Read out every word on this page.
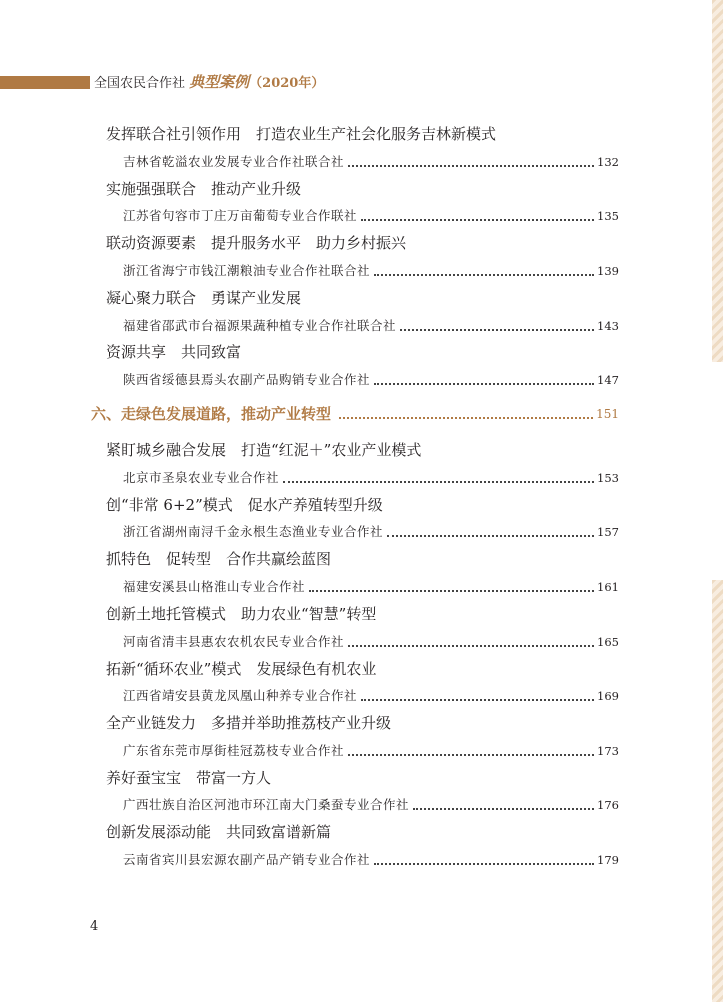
全国农民合作社 典型案例（2020年）
发挥联合社引领作用　打造农业生产社会化服务吉林新模式
吉林省乾溢农业发展专业合作社联合社	132
实施强强联合　推动产业升级
江苏省句容市丁庄万亩葡萄专业合作联社	135
联动资源要素　提升服务水平　助力乡村振兴
浙江省海宁市钱江潮粮油专业合作社联合社	139
凝心聚力联合　勇谋产业发展
福建省邵武市台福源果蔬种植专业合作社联合社	143
资源共享　共同致富
陕西省绥德县焉头农副产品购销专业合作社	147
六、走绿色发展道路，推动产业转型	151
紧盯城乡融合发展　打造“红泥＋”农业产业模式
北京市圣泉农业专业合作社	153
创“非常 6+2”模式　促水产养殖转型升级
浙江省湖州南浔千金永根生态渔业专业合作社	157
抓特色　促转型　合作共赢绘蓝图
福建安溪县山格淮山专业合作社	161
创新土地托管模式　助力农业“智慧”转型
河南省清丰县惠农农机农民专业合作社	165
拓新“循环农业”模式　发展绿色有机农业
江西省靖安县黄龙凤凰山种养专业合作社	169
全产业链发力　多措并举助推荔枝产业升级
广东省东莞市厚街桂冠荔枝专业合作社	173
养好蚕宝宝　带富一方人
广西壮族自治区河池市环江南大门桑蚕专业合作社	176
创新发展添动能　共同致富谱新篇
云南省宾川县宏源农副产品产销专业合作社	179
4
